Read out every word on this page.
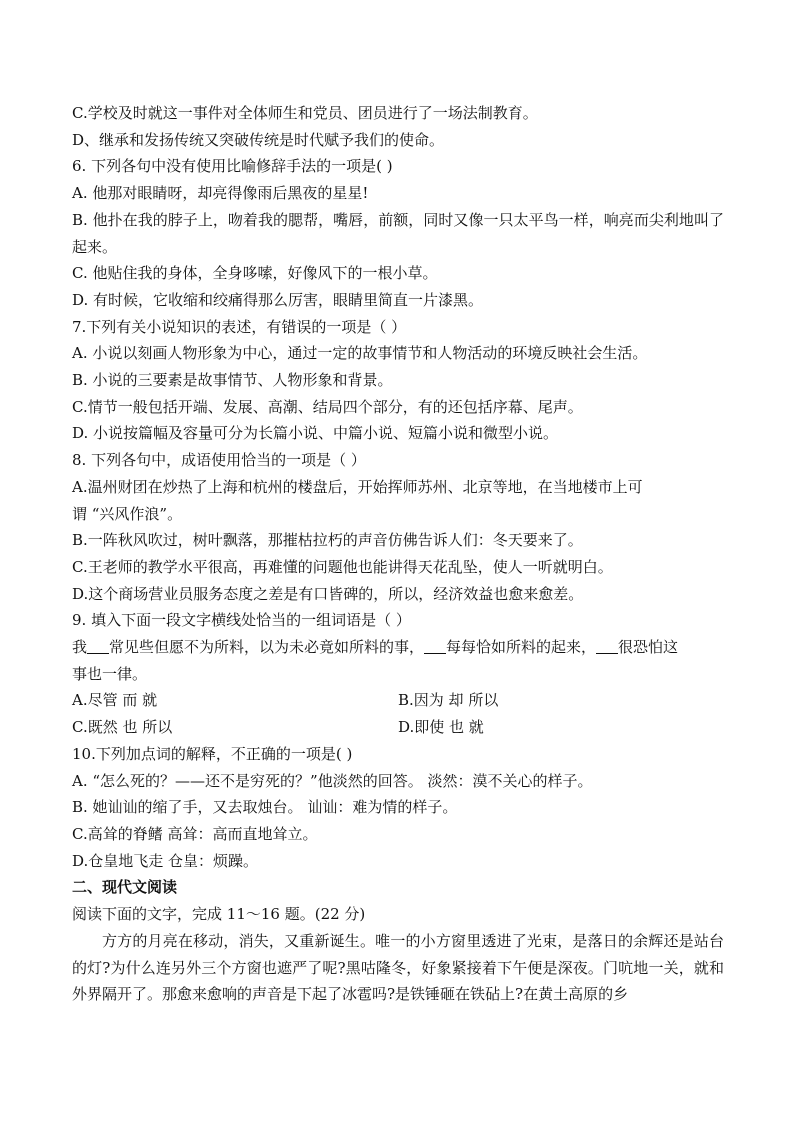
C.学校及时就这一事件对全体师生和党员、团员进行了一场法制教育。
D、继承和发扬传统又突破传统是时代赋予我们的使命。
6. 下列各句中没有使用比喻修辞手法的一项是( )
A. 他那对眼睛呀，却亮得像雨后黑夜的星星!
B. 他扑在我的脖子上，吻着我的腮帮，嘴唇，前额，同时又像一只太平鸟一样，响亮而尖利地叫了起来。
C. 他贴住我的身体，全身哆嗦，好像风下的一根小草。
D. 有时候，它收缩和绞痛得那么厉害，眼睛里简直一片漆黑。
7.下列有关小说知识的表述，有错误的一项是（ ）
A. 小说以刻画人物形象为中心，通过一定的故事情节和人物活动的环境反映社会生活。
B. 小说的三要素是故事情节、人物形象和背景。
C.情节一般包括开端、发展、高潮、结局四个部分，有的还包括序幕、尾声。
D. 小说按篇幅及容量可分为长篇小说、中篇小说、短篇小说和微型小说。
8. 下列各句中，成语使用恰当的一项是（ ）
A.温州财团在炒热了上海和杭州的楼盘后，开始挥师苏州、北京等地，在当地楼市上可
谓 “兴风作浪”。
B.一阵秋风吹过，树叶飘落，那摧枯拉朽的声音仿佛告诉人们：冬天要来了。
C.王老师的教学水平很高，再难懂的问题他也能讲得天花乱坠，使人一听就明白。
D.这个商场营业员服务态度之差是有口皆碑的，所以，经济效益也愈来愈差。
9. 填入下面一段文字横线处恰当的一组词语是（ ）
我 常见些但愿不为所料，以为未必竟如所料的事， 每每恰如所料的起来， 很恐怕这
事也一律。
A.尽管 而 就	B.因为 却 所以
C.既然 也 所以	D.即使 也 就
10.下列加点词的解释，不正确的一项是( )
A. “怎么死的？——还不是穷死的？”他淡然的回答。 淡然：漠不关心的样子。
B. 她讪讪的缩了手，又去取烛台。 讪讪：难为情的样子。
C.高耸的脊鳍 高耸：高而直地耸立。
D.仓皇地飞走 仓皇：烦躁。
二、现代文阅读
阅读下面的文字，完成 11～16 题。(22 分)
方方的月亮在移动，消失，又重新诞生。唯一的小方窗里透进了光束，是落日的余辉还是站台的灯?为什么连另外三个方窗也遮严了呢?黑咕隆冬，好象紧接着下午便是深夜。门吭地一关，就和外界隔开了。那愈来愈响的声音是下起了冰雹吗?是铁锤砸在铁砧上?在黄土高原的乡
